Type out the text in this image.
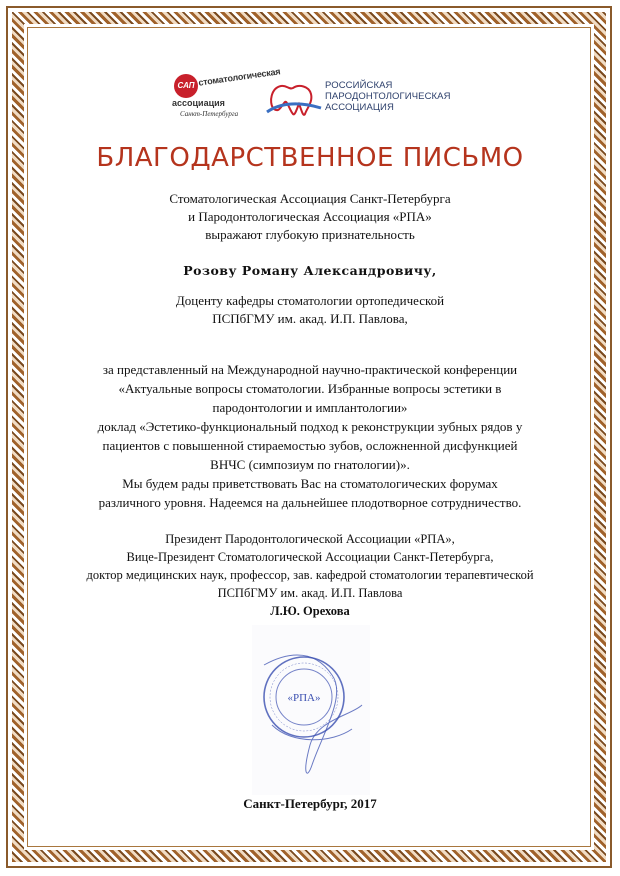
САП стоматологическая
ассоциация
Санкт-Петербурга
РОССИЙСКАЯ
ПАРОДОНТОЛОГИЧЕСКАЯ
АССОЦИАЦИЯ
БЛАГОДАРСТВЕННОЕ ПИСЬМО
Стоматологическая Ассоциация Санкт-Петербурга
и Пародонтологическая Ассоциация «РПА»
выражают глубокую признательность
Розову Роману Александровичу,
Доценту кафедры стоматологии ортопедической
ПСПбГМУ им. акад. И.П. Павлова,
за представленный на Международной научно-практической конференции
«Актуальные вопросы стоматологии. Избранные вопросы эстетики в
пародонтологии и имплантологии»
доклад «Эстетико-функциональный подход к реконструкции зубных рядов у
пациентов с повышенной стираемостью зубов, осложненной дисфункцией
ВНЧС (симпозиум по гнатологии)».
Мы будем рады приветствовать Вас на стоматологических форумах
различного уровня. Надеемся на дальнейшее плодотворное сотрудничество.
Президент Пародонтологической Ассоциации «РПА»,
Вице-Президент Стоматологической Ассоциации Санкт-Петербурга,
доктор медицинских наук, профессор, зав. кафедрой стоматологии терапевтической
ПСПбГМУ им. акад. И.П. Павлова
Л.Ю. Орехова
«РПА»
Санкт-Петербург, 2017
